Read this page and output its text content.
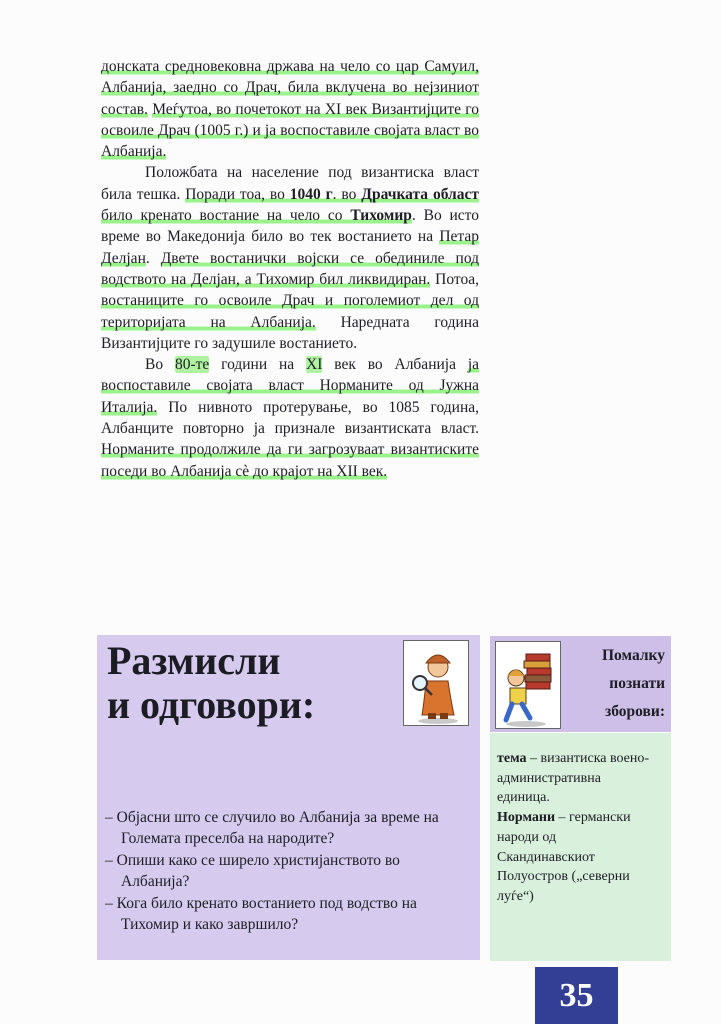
донската средновековна држава на чело со цар Самуил, Албанија, заедно со Драч, била вклучена во нејзиниот состав. Меѓутоа, во почетокот на XI век Византијците го освоиле Драч (1005 г.) и ја воспоставиле својата власт во Албанија.

Положбата на население под византиска власт била тешка. Поради тоа, во 1040 г. во Драчката област било кренато востание на чело со Тихомир. Во исто време во Македонија било во тек востанието на Петар Делјан. Двете востанички војски се обединиле под водството на Делјан, а Тихомир бил ликвидиран. Потоа, востаниците го освоиле Драч и поголемиот дел од територијата на Албанија. Наредната година Византијците го задушиле востанието.

Во 80-те години на XI век во Албанија ја воспоставиле својата власт Норманите од Јужна Италија. По нивното протерување, во 1085 година, Албанците повторно ја признале византиската власт. Норманите продолжиле да ги загрозуваат византиските поседи во Албанија сè до крајот на XII век.

Размисли
и одговори:
– Објасни што се случило во Албанија за време на Големата преселба на народите?
– Опиши како се ширело христијанството во Албанија?
– Кога било кренато востанието под водство на Тихомир и како завршило?
Помалку
познати
зборови:
тема – византиска воено-административна единица.
Нормани – германски народи од Скандинавскиот Полуостров („северни луѓе“)
35
